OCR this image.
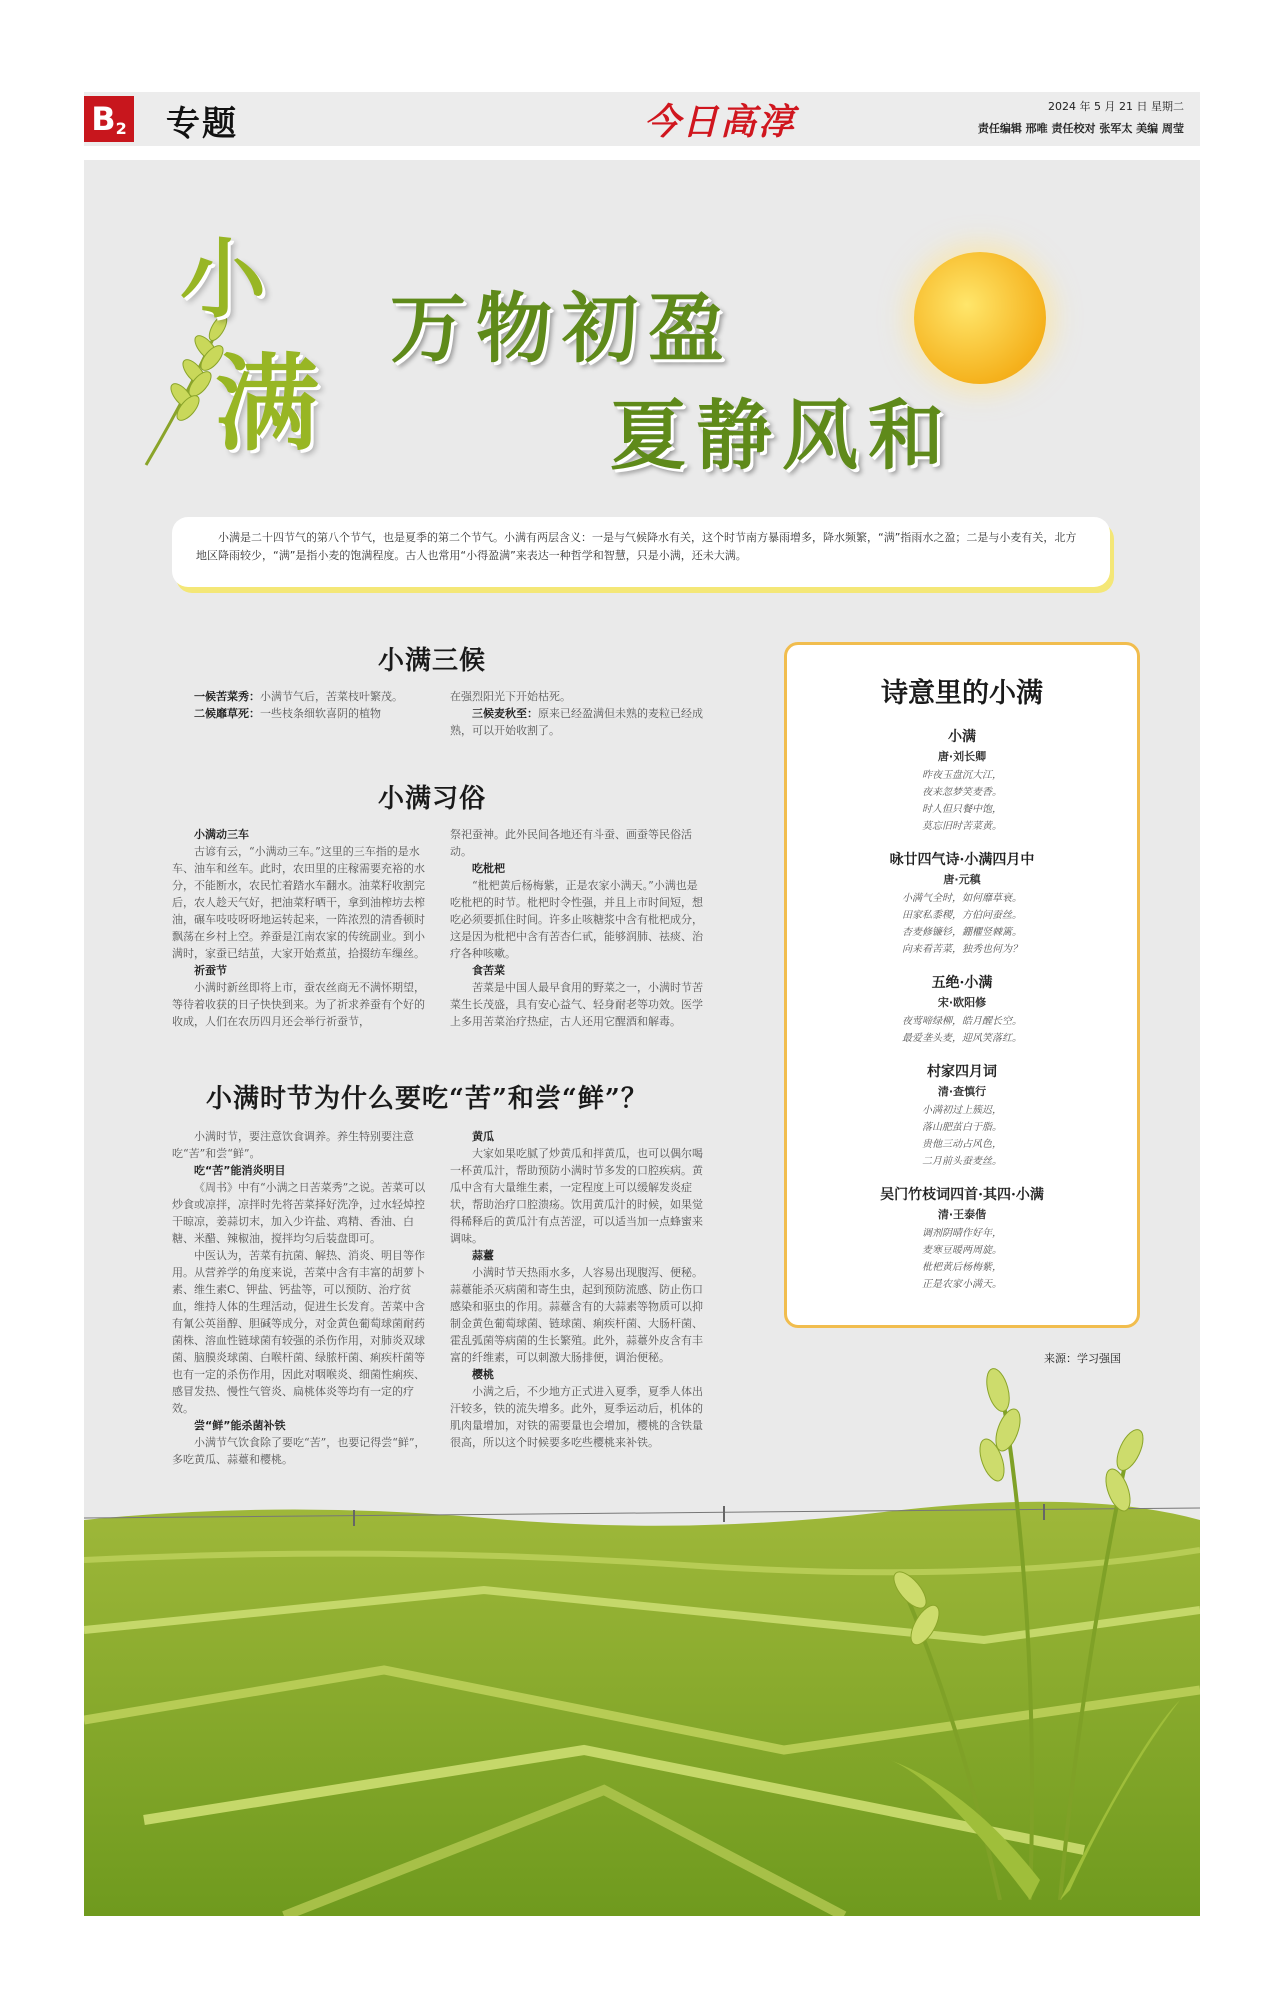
B2 专题	今日高淳	2024 年 5 月 21 日 星期二
责任编辑 邢唯 责任校对 张军太 美编 周莹
小
满
万物初盈
夏静风和

小满是二十四节气的第八个节气，也是夏季的第二个节气。小满有两层含义：一是与气候降水有关，这个时节南方暴雨增多，降水频繁，“满”指雨水之盈；二是与小麦有关，北方地区降雨较少，“满”是指小麦的饱满程度。古人也常用“小得盈满”来表达一种哲学和智慧，只是小满，还未大满。

小满三候

一候苦菜秀：小满节气后，苦菜枝叶繁茂。

二候靡草死：一些枝条细软喜阴的植物

在强烈阳光下开始枯死。

三候麦秋至：原来已经盈满但未熟的麦粒已经成熟，可以开始收割了。

小满习俗

小满动三车

古谚有云，“小满动三车。”这里的三车指的是水车、油车和丝车。此时，农田里的庄稼需要充裕的水分，不能断水，农民忙着踏水车翻水。油菜籽收割完后，农人趁天气好，把油菜籽晒干，拿到油榨坊去榨油，碾车吱吱呀呀地运转起来，一阵浓烈的清香顿时飘荡在乡村上空。养蚕是江南农家的传统副业。到小满时，家蚕已结茧，大家开始煮茧，拾掇纺车缫丝。

祈蚕节

小满时新丝即将上市，蚕农丝商无不满怀期望，等待着收获的日子快快到来。为了祈求养蚕有个好的收成，人们在农历四月还会举行祈蚕节，

祭祀蚕神。此外民间各地还有斗蚕、画蚕等民俗活动。

吃枇杷

“枇杷黄后杨梅紫，正是农家小满天。”小满也是吃枇杷的时节。枇杷时令性强，并且上市时间短，想吃必须要抓住时间。许多止咳糖浆中含有枇杷成分，这是因为枇杷中含有苦杏仁甙，能够润肺、祛痰、治疗各种咳嗽。

食苦菜

苦菜是中国人最早食用的野菜之一，小满时节苦菜生长茂盛，具有安心益气、轻身耐老等功效。医学上多用苦菜治疗热症，古人还用它醒酒和解毒。

小满时节为什么要吃“苦”和尝“鲜”？

小满时节，要注意饮食调养。养生特别要注意吃“苦”和尝“鲜”。

吃“苦”能消炎明目

《周书》中有“小满之日苦菜秀”之说。苦菜可以炒食或凉拌，凉拌时先将苦菜择好洗净，过水轻焯控干晾凉，姜蒜切末，加入少许盐、鸡精、香油、白糖、米醋、辣椒油，搅拌均匀后装盘即可。

中医认为，苦菜有抗菌、解热、消炎、明目等作用。从营养学的角度来说，苦菜中含有丰富的胡萝卜素、维生素C、钾盐、钙盐等，可以预防、治疗贫血，维持人体的生理活动，促进生长发育。苦菜中含有氰公英甾醇、胆碱等成分，对金黄色葡萄球菌耐药菌株、溶血性链球菌有较强的杀伤作用，对肺炎双球菌、脑膜炎球菌、白喉杆菌、绿脓杆菌、痢疾杆菌等也有一定的杀伤作用，因此对咽喉炎、细菌性痢疾、感冒发热、慢性气管炎、扁桃体炎等均有一定的疗效。

尝“鲜”能杀菌补铁

小满节气饮食除了要吃“苦”，也要记得尝“鲜”，多吃黄瓜、蒜薹和樱桃。

黄瓜

大家如果吃腻了炒黄瓜和拌黄瓜，也可以偶尔喝一杯黄瓜汁，帮助预防小满时节多发的口腔疾病。黄瓜中含有大量维生素，一定程度上可以缓解发炎症状，帮助治疗口腔溃疡。饮用黄瓜汁的时候，如果觉得稀释后的黄瓜汁有点苦涩，可以适当加一点蜂蜜来调味。

蒜薹

小满时节天热雨水多，人容易出现腹泻、便秘。蒜薹能杀灭病菌和寄生虫，起到预防流感、防止伤口感染和驱虫的作用。蒜薹含有的大蒜素等物质可以抑制金黄色葡萄球菌、链球菌、痢疾杆菌、大肠杆菌、霍乱弧菌等病菌的生长繁殖。此外，蒜薹外皮含有丰富的纤维素，可以刺激大肠排便，调治便秘。

樱桃

小满之后，不少地方正式进入夏季，夏季人体出汗较多，铁的流失增多。此外，夏季运动后，机体的肌肉量增加，对铁的需要量也会增加，樱桃的含铁量很高，所以这个时候要多吃些樱桃来补铁。

诗意里的小满
小满
唐·刘长卿

昨夜玉盘沉大江，

夜来忽梦笑麦香。

时人但只餐中饱，

莫忘旧时苦菜黄。

咏廿四气诗·小满四月中
唐·元稹

小满气全时，如何靡草衰。

田家私黍稷，方伯问蚕丝。

杏麦修镰钐，錋欋竖棘篱。

向来看苦菜，独秀也何为？

五绝·小满
宋·欧阳修

夜莺啼绿柳，皓月醒长空。

最爱垄头麦，迎风笑落红。

村家四月词
清·查慎行

小满初过上簇迟，

落山肥茧白于脂。

贵他三动占风色，

二月前头蚕麦丝。

吴门竹枝词四首·其四·小满
清·王泰偕

调剂阴晴作好年，

麦寒豆暖两周旋。

枇杷黄后杨梅紫，

正是农家小满天。

来源：学习强国
